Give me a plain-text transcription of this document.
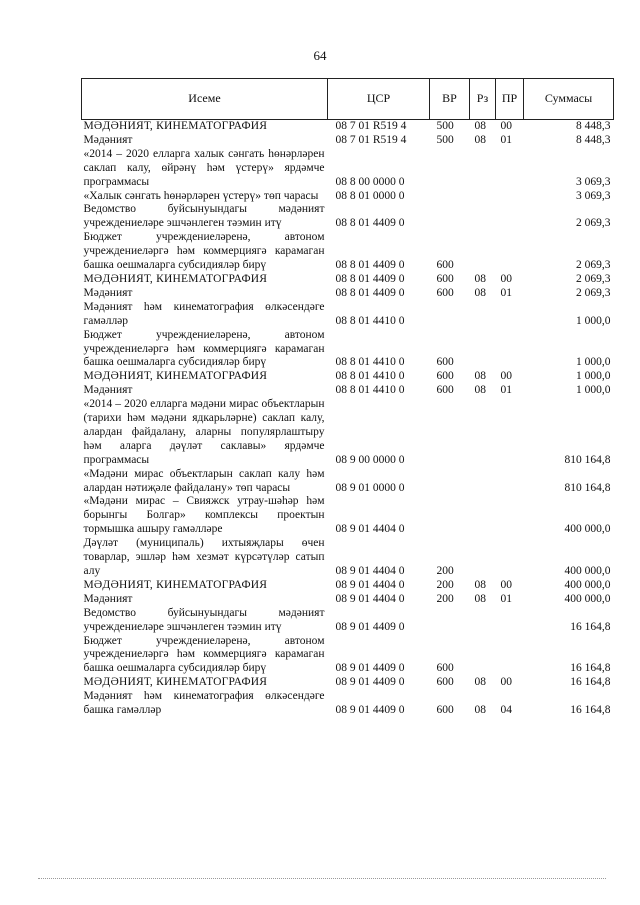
64
Исеме	ЦСР	ВР	Рз	ПР	Суммасы
МӘДӘНИЯТ, КИНЕМАТОГРАФИЯ	08 7 01 R519 4	500	08	00	8 448,3
Мәдәният	08 7 01 R519 4	500	08	01	8 448,3
«2014 – 2020 елларга халык сәнгать һөнәрләрен саклап калу, өйрәнү һәм үстерү» ярдәмче программасы	08 8 00 0000 0				3 069,3
«Халык сәнгать һөнәрләрен үстерү» төп чарасы	08 8 01 0000 0				3 069,3
Ведомство буйсынуындагы мәдәният учреждениеләре эшчәнлеген тәэмин итү	08 8 01 4409 0				2 069,3
Бюджет учреждениеләренә, автоном учреждениеләргә һәм коммерциягә карамаган башка оешмаларга субсидияләр бирү	08 8 01 4409 0	600			2 069,3
МӘДӘНИЯТ, КИНЕМАТОГРАФИЯ	08 8 01 4409 0	600	08	00	2 069,3
Мәдәният	08 8 01 4409 0	600	08	01	2 069,3
Мәдәният һәм кинематография өлкәсендәге гамәлләр	08 8 01 4410 0				1 000,0
Бюджет учреждениеләренә, автоном учреждениеләргә һәм коммерциягә карамаган башка оешмаларга субсидияләр бирү	08 8 01 4410 0	600			1 000,0
МӘДӘНИЯТ, КИНЕМАТОГРАФИЯ	08 8 01 4410 0	600	08	00	1 000,0
Мәдәният	08 8 01 4410 0	600	08	01	1 000,0
«2014 – 2020 елларга мәдәни мирас объектларын (тарихи һәм мәдәни ядкарьләрне) саклап калу, алардан файдалану, аларны популярлаштыру һәм аларга дәүләт саклавы» ярдәмче программасы	08 9 00 0000 0				810 164,8
«Мәдәни мирас объектларын саклап калу һәм алардан нәтиҗәле файдалану» төп чарасы	08 9 01 0000 0				810 164,8
«Мәдәни мирас – Свияжск утрау-шәһәр һәм борынгы Болгар» комплексы проектын тормышка ашыру гамәлләре	08 9 01 4404 0				400 000,0
Дәүләт (муниципаль) ихтыяҗлары өчен товарлар, эшләр һәм хезмәт күрсәтүләр сатып алу	08 9 01 4404 0	200			400 000,0
МӘДӘНИЯТ, КИНЕМАТОГРАФИЯ	08 9 01 4404 0	200	08	00	400 000,0
Мәдәният	08 9 01 4404 0	200	08	01	400 000,0
Ведомство буйсынуындагы мәдәният учреждениеләре эшчәнлеген тәэмин итү	08 9 01 4409 0				16 164,8
Бюджет учреждениеләренә, автоном учреждениеләргә һәм коммерциягә карамаган башка оешмаларга субсидияләр бирү	08 9 01 4409 0	600			16 164,8
МӘДӘНИЯТ, КИНЕМАТОГРАФИЯ	08 9 01 4409 0	600	08	00	16 164,8
Мәдәният һәм кинематография өлкәсендәге башка гамәлләр	08 9 01 4409 0	600	08	04	16 164,8
